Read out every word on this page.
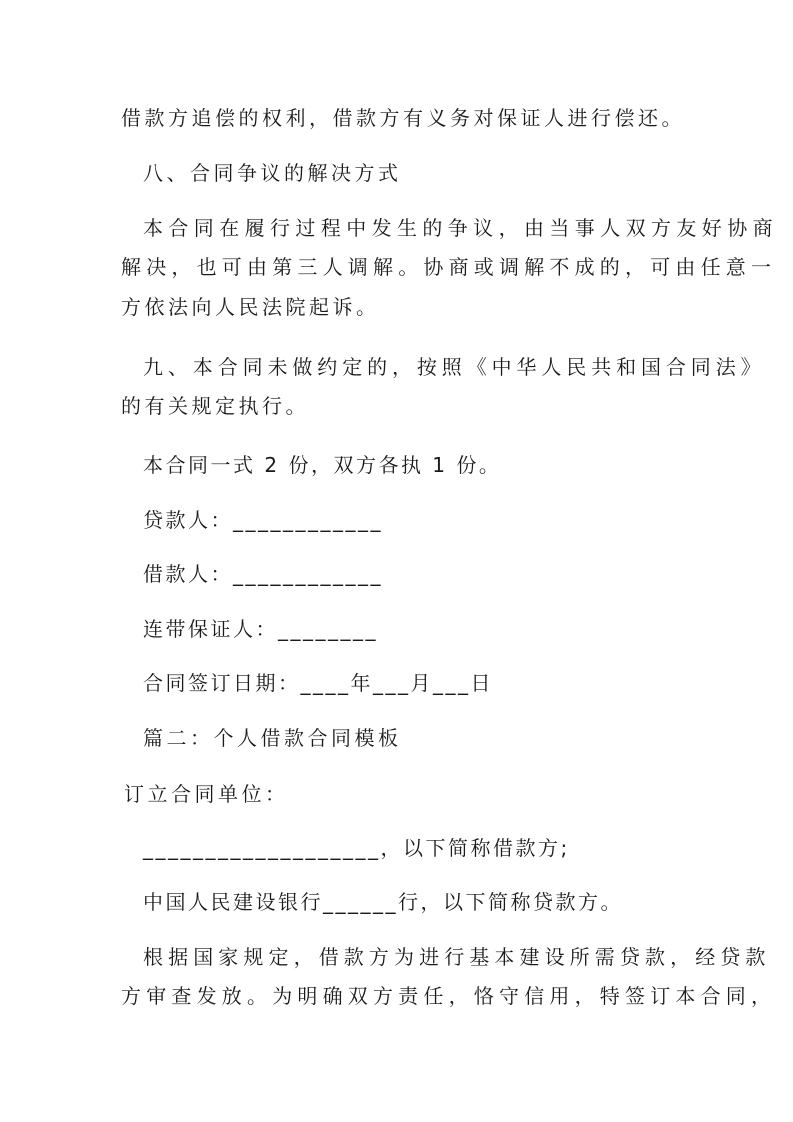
借款方追偿的权利，借款方有义务对保证人进行偿还。
八、合同争议的解决方式
本合同在履行过程中发生的争议，由当事人双方友好协商
解决，也可由第三人调解。协商或调解不成的，可由任意一
方依法向人民法院起诉。
九、本合同未做约定的，按照《中华人民共和国合同法》
的有关规定执行。
本合同一式 2 份，双方各执 1 份。
贷款人：____________
借款人：____________
连带保证人：________
合同签订日期：____年___月___日
篇二：个人借款合同模板
订立合同单位：
___________________，以下简称借款方;
中国人民建设银行______行，以下简称贷款方。
根据国家规定，借款方为进行基本建设所需贷款，经贷款
方审查发放。为明确双方责任，恪守信用，特签订本合同，
